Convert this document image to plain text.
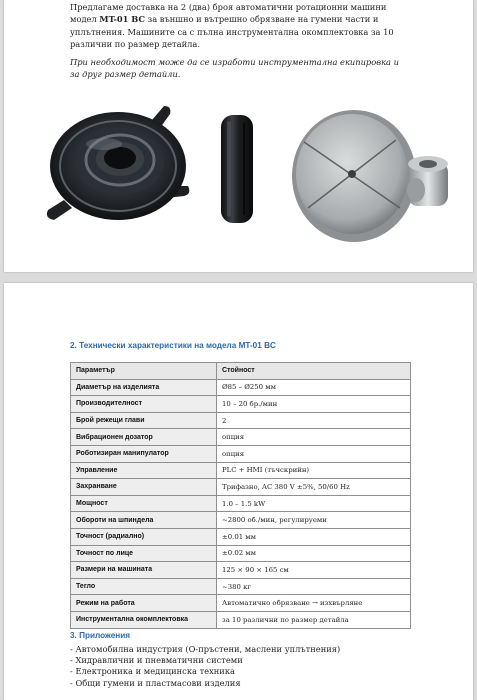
Предлагаме доставка на 2 (два) броя автоматични ротационни машини модел MT-01 BC за външно и вътрешно обрязване на гумени части и уплътнения. Машините са с пълна инструментална окомплектовка за 10 различни по размер детайла.

При необходимост може да се изработи инструментална екипировка и за друг размер детайли.

2. Технически характеристики на модела MT-01 BC
Параметър	Стойност
Диаметър на изделията	Ø85 – Ø250 мм
Производителност	10 – 20 бр./мин
Брой режещи глави	2
Вибрационен дозатор	опция
Роботизиран манипулатор	опция
Управление	PLC + HMI (тъчскрийн)
Захранване	Трифазно, AC 380 V ±5%, 50/60 Hz
Мощност	1.0 – 1.5 kW
Обороти на шпиндела	~2800 об./мин, регулируеми
Точност (радиално)	±0.01 мм
Точност по лице	±0.02 мм
Размери на машината	125 × 90 × 165 см
Тегло	~380 кг
Режим на работа	Автоматично обрязване → изхвърляне
Инструментална окомплектовка	за 10 различни по размер детайла
3. Приложения
- Автомобилна индустрия (О-пръстени, маслени уплътнения)
- Хидравлични и пневматични системи
- Електроника и медицинска техника
- Общи гумени и пластмасови изделия
